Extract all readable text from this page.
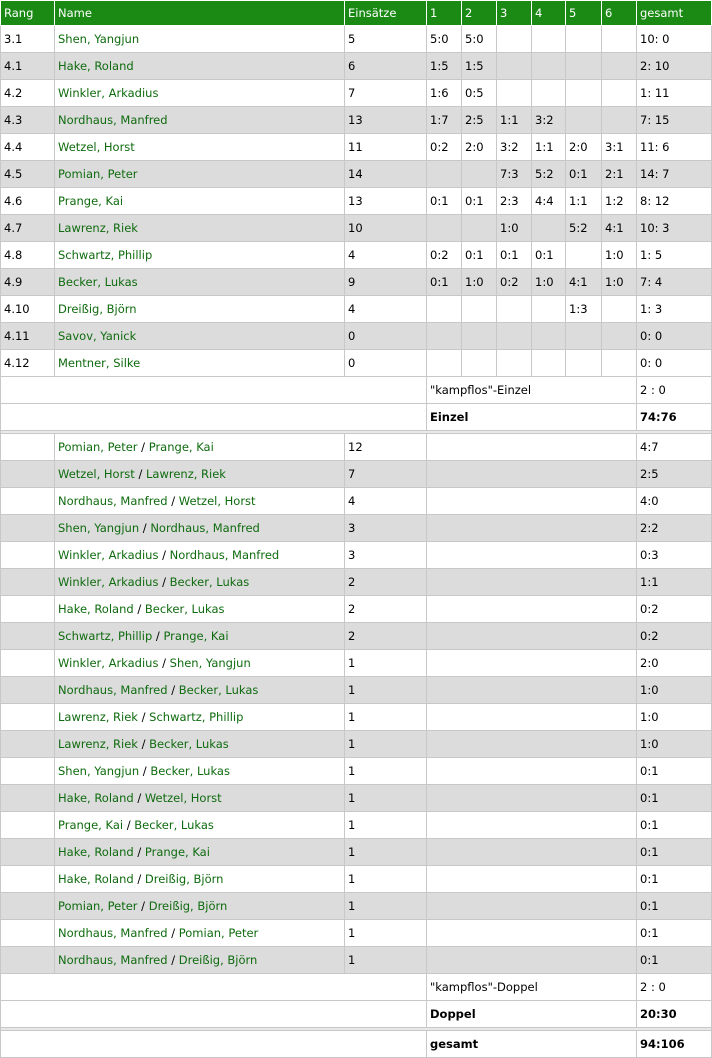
Rang	Name	Einsätze	1	2	3	4	5	6	gesamt
3.1	Shen, Yangjun	5	5:0	5:0					10: 0
4.1	Hake, Roland	6	1:5	1:5					2: 10
4.2	Winkler, Arkadius	7	1:6	0:5					1: 11
4.3	Nordhaus, Manfred	13	1:7	2:5	1:1	3:2			7: 15
4.4	Wetzel, Horst	11	0:2	2:0	3:2	1:1	2:0	3:1	11: 6
4.5	Pomian, Peter	14			7:3	5:2	0:1	2:1	14: 7
4.6	Prange, Kai	13	0:1	0:1	2:3	4:4	1:1	1:2	8: 12
4.7	Lawrenz, Riek	10			1:0		5:2	4:1	10: 3
4.8	Schwartz, Phillip	4	0:2	0:1	0:1	0:1		1:0	1: 5
4.9	Becker, Lukas	9	0:1	1:0	0:2	1:0	4:1	1:0	7: 4
4.10	Dreißig, Björn	4					1:3		1: 3
4.11	Savov, Yanick	0							0: 0
4.12	Mentner, Silke	0							0: 0
			"kampflos"-Einzel						2 : 0
			Einzel						74:76

	Pomian, Peter / Prange, Kai	12							4:7
	Wetzel, Horst / Lawrenz, Riek	7							2:5
	Nordhaus, Manfred / Wetzel, Horst	4							4:0
	Shen, Yangjun / Nordhaus, Manfred	3							2:2
	Winkler, Arkadius / Nordhaus, Manfred	3							0:3
	Winkler, Arkadius / Becker, Lukas	2							1:1
	Hake, Roland / Becker, Lukas	2							0:2
	Schwartz, Phillip / Prange, Kai	2							0:2
	Winkler, Arkadius / Shen, Yangjun	1							2:0
	Nordhaus, Manfred / Becker, Lukas	1							1:0
	Lawrenz, Riek / Schwartz, Phillip	1							1:0
	Lawrenz, Riek / Becker, Lukas	1							1:0
	Shen, Yangjun / Becker, Lukas	1							0:1
	Hake, Roland / Wetzel, Horst	1							0:1
	Prange, Kai / Becker, Lukas	1							0:1
	Hake, Roland / Prange, Kai	1							0:1
	Hake, Roland / Dreißig, Björn	1							0:1
	Pomian, Peter / Dreißig, Björn	1							0:1
	Nordhaus, Manfred / Pomian, Peter	1							0:1
	Nordhaus, Manfred / Dreißig, Björn	1							0:1
			"kampflos"-Doppel						2 : 0
			Doppel						20:30

			gesamt						94:106
